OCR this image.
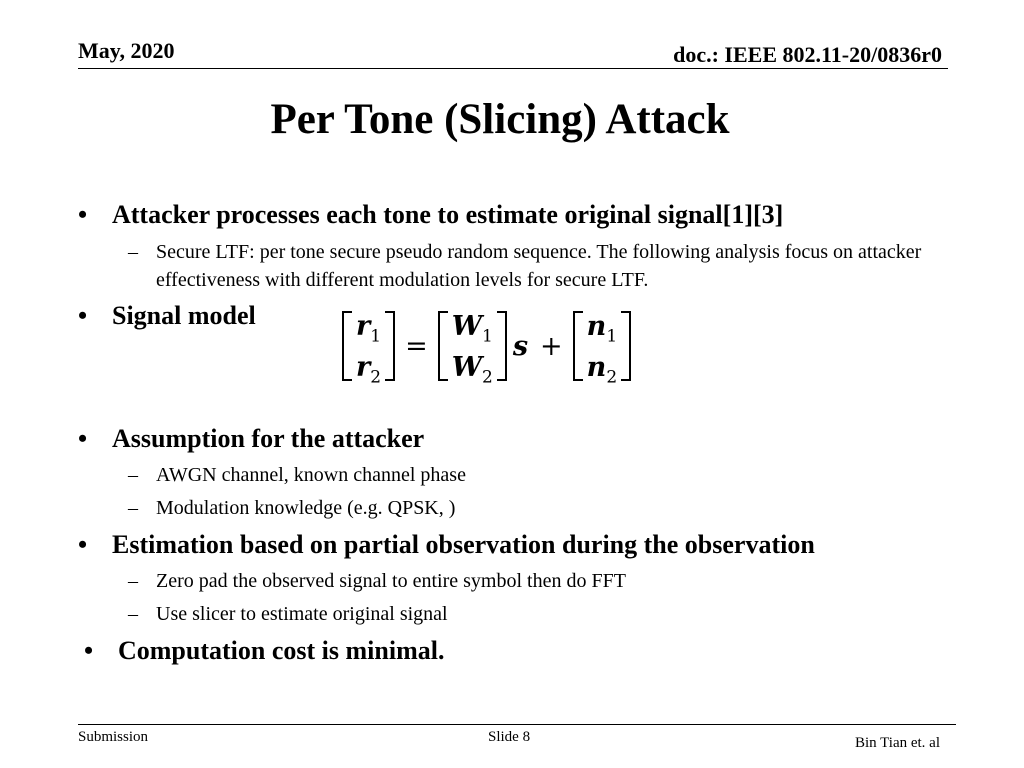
May, 2020	doc.: IEEE 802.11-20/0836r0
Per Tone (Slicing) Attack
• Attacker processes each tone to estimate original signal[1][3]
– Secure LTF: per tone secure pseudo random sequence. The following analysis focus on attacker effectiveness with different modulation levels for secure LTF.
• Signal model	$r_1$
$r_2$
=
$W_1$
$W_2$
s +
$n_1$
$n_2$
• Assumption for the attacker
– AWGN channel, known channel phase
– Modulation knowledge (e.g. QPSK, )
• Estimation based on partial observation during the observation
– Zero pad the observed signal to entire symbol then do FFT
– Use slicer to estimate original signal
• Computation cost is minimal.
Submission	Slide 8	Bin Tian et. al
